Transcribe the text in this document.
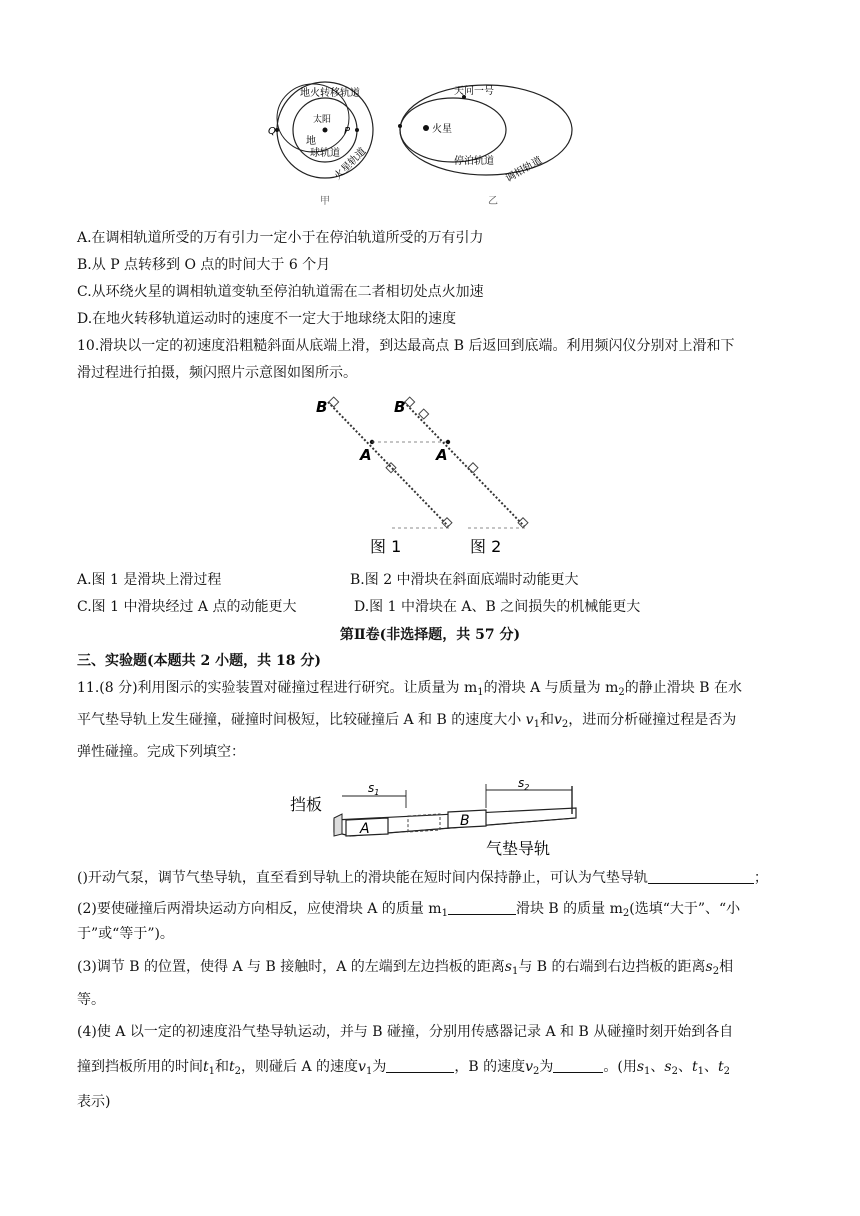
地火转移轨道
太阳
Q	P
地
球轨道
火星轨道
甲
火星
天问一号
停泊轨道 调相轨道
乙
A.在调相轨道所受的万有引力一定小于在停泊轨道所受的万有引力
B.从 P 点转移到 O 点的时间大于 6 个月
C.从环绕火星的调相轨道变轨至停泊轨道需在二者相切处点火加速
D.在地火转移轨道运动时的速度不一定大于地球绕太阳的速度
10.滑块以一定的初速度沿粗糙斜面从底端上滑，到达最高点 B 后返回到底端。利用频闪仪分别对上滑和下
滑过程进行拍摄，频闪照片示意图如图所示。
B
A
图 1
B
A
图 2
A.图 1 是滑块上滑过程	B.图 2 中滑块在斜面底端时动能更大
C.图 1 中滑块经过 A 点的动能更大	D.图 1 中滑块在 A、B 之间损失的机械能更大
第Ⅱ卷(非选择题，共 57 分)
三、实验题(本题共 2 小题，共 18 分)
11.(8 分)利用图示的实验装置对碰撞过程进行研究。让质量为 $m_1$的滑块 A 与质量为 $m_2$的静止滑块 B 在水
平气垫导轨上发生碰撞，碰撞时间极短，比较碰撞后 A 和 B 的速度大小 $v_1$和$v_2$，进而分析碰撞过程是否为
弹性碰撞。完成下列填空：
挡板
$s_1$
$s_2$
A	B
气垫导轨
()开动气泵，调节气垫导轨，直至看到导轨上的滑块能在短时间内保持静止，可认为气垫导轨	；
(2)要使碰撞后两滑块运动方向相反，应使滑块 A 的质量 $m_1$	滑块 B 的质量 $m_2$(选填“大于”、“小
于”或“等于”)。
(3)调节 B 的位置，使得 A 与 B 接触时，A 的左端到左边挡板的距离$s_1$与 B 的右端到右边挡板的距离$s_2$相
等。
(4)使 A 以一定的初速度沿气垫导轨运动，并与 B 碰撞，分别用传感器记录 A 和 B 从碰撞时刻开始到各自
撞到挡板所用的时间$t_1$和$t_2$，则碰后 A 的速度$v_1$为	，B 的速度$v_2$为	。(用$s_1$、$s_2$、$t_1$、$t_2$
表示)
